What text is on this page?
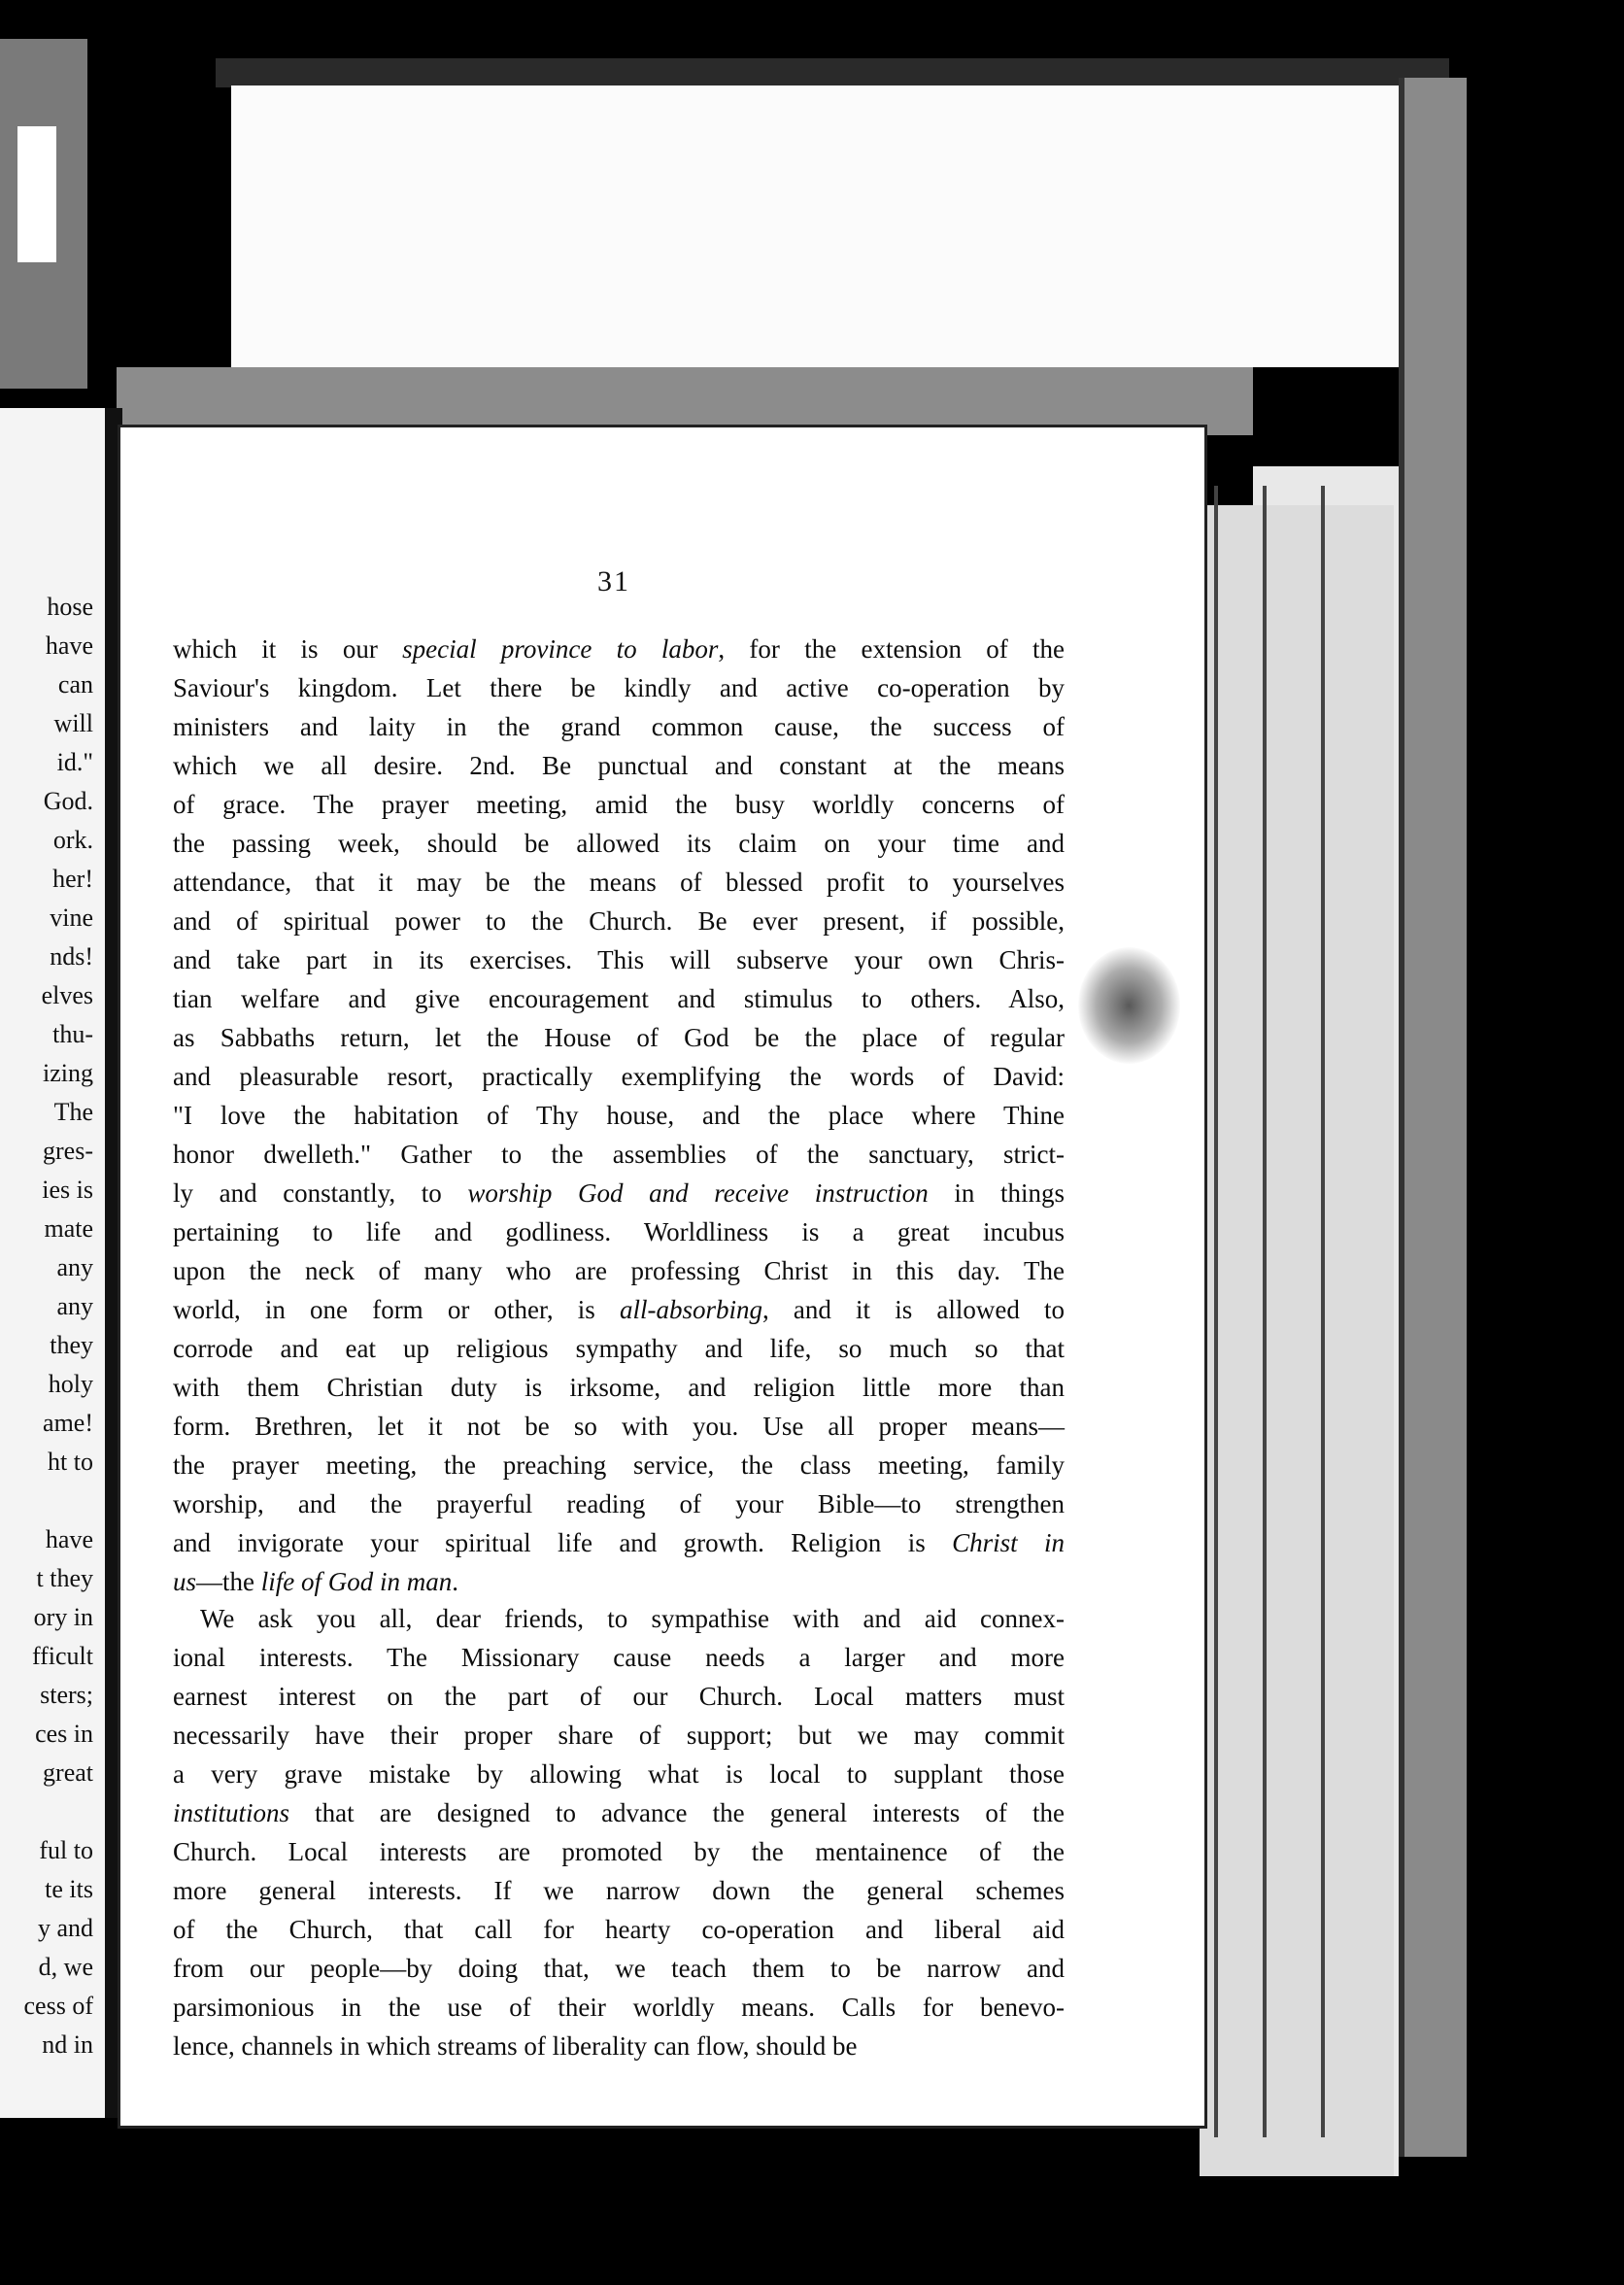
hose
have
can
will
id."
God.
ork.
her!
vine
nds!
elves
thu-
izing
The
gres-
ies is
mate
any
any
they
holy
ame!
ht to
have
t they
ory in
fficult
sters;
ces in
great
ful to
te its
y and
d, we
cess of
nd in
31
which it is our special province to labor, for the extension of the
Saviour's kingdom. Let there be kindly and active co-operation by
ministers and laity in the grand common cause, the success of
which we all desire. 2nd. Be punctual and constant at the means
of grace. The prayer meeting, amid the busy worldly concerns of
the passing week, should be allowed its claim on your time and
attendance, that it may be the means of blessed profit to yourselves
and of spiritual power to the Church. Be ever present, if possible,
and take part in its exercises. This will subserve your own Chris-
tian welfare and give encouragement and stimulus to others. Also,
as Sabbaths return, let the House of God be the place of regular
and pleasurable resort, practically exemplifying the words of David:
"I love the habitation of Thy house, and the place where Thine
honor dwelleth." Gather to the assemblies of the sanctuary, strict-
ly and constantly, to worship God and receive instruction in things
pertaining to life and godliness. Worldliness is a great incubus
upon the neck of many who are professing Christ in this day. The
world, in one form or other, is all-absorbing, and it is allowed to
corrode and eat up religious sympathy and life, so much so that
with them Christian duty is irksome, and religion little more than
form. Brethren, let it not be so with you. Use all proper means—
the prayer meeting, the preaching service, the class meeting, family
worship, and the prayerful reading of your Bible—to strengthen
and invigorate your spiritual life and growth. Religion is Christ in
us—the life of God in man.
We ask you all, dear friends, to sympathise with and aid connex-
ional interests. The Missionary cause needs a larger and more
earnest interest on the part of our Church. Local matters must
necessarily have their proper share of support; but we may commit
a very grave mistake by allowing what is local to supplant those
institutions that are designed to advance the general interests of the
Church. Local interests are promoted by the mentainence of the
more general interests. If we narrow down the general schemes
of the Church, that call for hearty co-operation and liberal aid
from our people—by doing that, we teach them to be narrow and
parsimonious in the use of their worldly means. Calls for benevo-
lence, channels in which streams of liberality can flow, should be
